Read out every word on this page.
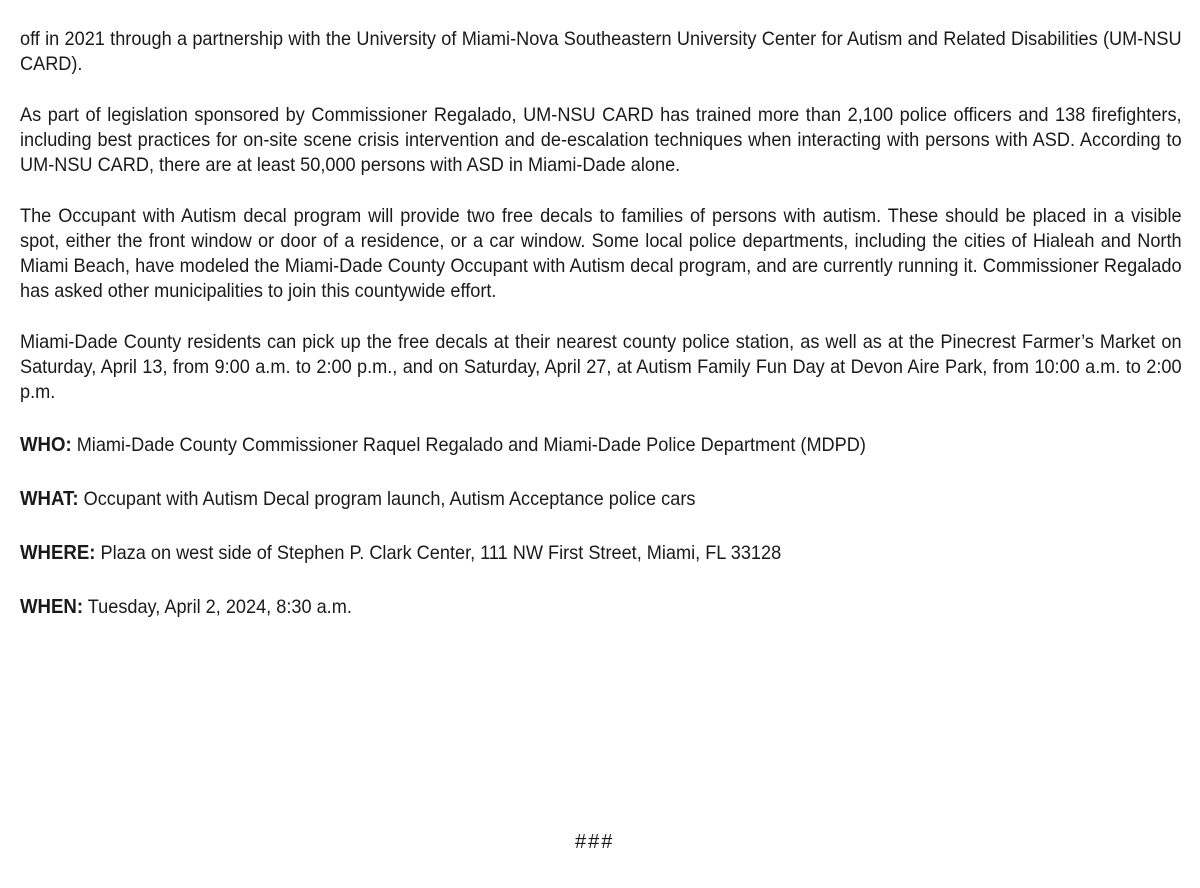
off in 2021 through a partnership with the University of Miami-Nova Southeastern University Center for Autism and Related Disabilities (UM-NSU CARD).

As part of legislation sponsored by Commissioner Regalado, UM-NSU CARD has trained more than 2,100 police officers and 138 firefighters, including best practices for on-site scene crisis intervention and de-escalation techniques when interacting with persons with ASD. According to UM-NSU CARD, there are at least 50,000 persons with ASD in Miami-Dade alone.

The Occupant with Autism decal program will provide two free decals to families of persons with autism. These should be placed in a visible spot, either the front window or door of a residence, or a car window. Some local police departments, including the cities of Hialeah and North Miami Beach, have modeled the Miami-Dade County Occupant with Autism decal program, and are currently running it. Commissioner Regalado has asked other municipalities to join this countywide effort.

Miami-Dade County residents can pick up the free decals at their nearest county police station, as well as at the Pinecrest Farmer’s Market on Saturday, April 13, from 9:00 a.m. to 2:00 p.m., and on Saturday, April 27, at Autism Family Fun Day at Devon Aire Park, from 10:00 a.m. to 2:00 p.m.

WHO: Miami-Dade County Commissioner Raquel Regalado and Miami-Dade Police Department (MDPD)
WHAT: Occupant with Autism Decal program launch, Autism Acceptance police cars
WHERE: Plaza on west side of Stephen P. Clark Center, 111 NW First Street, Miami, FL 33128
WHEN: Tuesday, April 2, 2024, 8:30 a.m.
###
